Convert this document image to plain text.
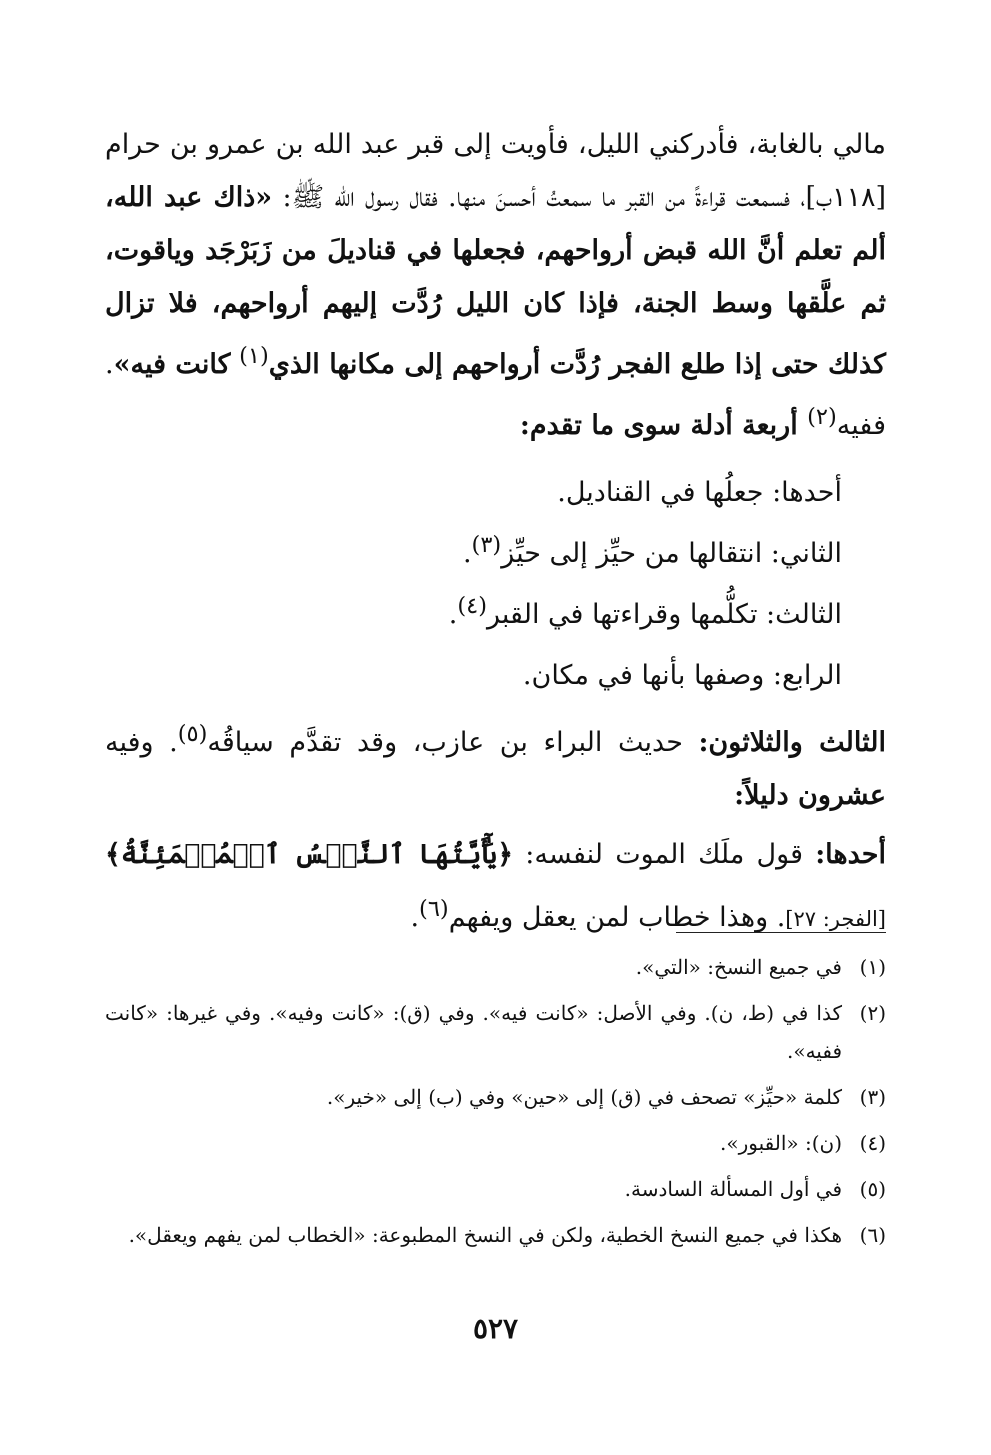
مالي بالغابة، فأدركني الليل، فأويت إلى قبر عبد الله بن عمرو بن حرام [١١٨ب]، فسمعت قراءةً من القبر ما سمعتُ أحسنَ منها. فقال رسول الله ﷺ: «ذاك عبد الله، ألم تعلم أنَّ الله قبض أرواحهم، فجعلها في قناديلَ من زَبَرْجَد وياقوت، ثم علَّقها وسط الجنة، فإذا كان الليل رُدَّت إليهم أرواحهم، فلا تزال كذلك حتى إذا طلع الفجر رُدَّت أرواحهم إلى مكانها الذي$^{(١)}$ كانت فيه». ففيه$^{(٢)}$ أربعة أدلة سوى ما تقدم:

أحدها: جعلُها في القناديل.

الثاني: انتقالها من حيِّز إلى حيِّز$^{(٣)}$.

الثالث: تكلُّمها وقراءتها في القبر$^{(٤)}$.

الرابع: وصفها بأنها في مكان.

الثالث والثلاثون: حديث البراء بن عازب، وقد تقدَّم سياقُه$^{(٥)}$. وفيه عشرون دليلاً:

أحدها: قول ملَك الموت لنفسه: ﴿يَٰٓأَيَّتُهَا ٱلنَّفۡسُ ٱلۡمُطۡمَئِنَّةُ﴾ [الفجر: ٢٧]. وهذا خطاب لمن يعقل ويفهم$^{(٦)}$.

(١)
في جميع النسخ: «التي».
(٢)
كذا في (ط، ن). وفي الأصل: «كانت فيه». وفي (ق): «كانت وفيه». وفي غيرها: «كانت ففيه».
(٣)
كلمة «حيِّز» تصحف في (ق) إلى «حين» وفي (ب) إلى «خير».
(٤)
(ن): «القبور».
(٥)
في أول المسألة السادسة.
(٦)
هكذا في جميع النسخ الخطية، ولكن في النسخ المطبوعة: «الخطاب لمن يفهم ويعقل».
٥٢٧
